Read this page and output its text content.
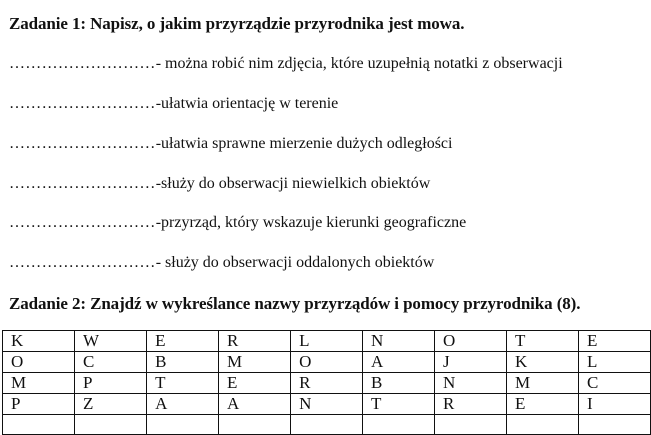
Zadanie 1: Napisz, o jakim przyrządzie przyrodnika jest mowa.
………………………- można robić nim zdjęcia, które uzupełnią notatki z obserwacji
………………………-ułatwia orientację w terenie
………………………-ułatwia sprawne mierzenie dużych odległości
………………………-służy do obserwacji niewielkich obiektów
………………………-przyrząd, który wskazuje kierunki geograficzne
………………………- służy do obserwacji oddalonych obiektów
Zadanie 2: Znajdź w wykreślance nazwy przyrządów i pomocy przyrodnika (8).
K	W	E	R	L	N	O	T	E
O	C	B	M	O	A	J	K	L
M	P	T	E	R	B	N	M	C
P	Z	A	A	N	T	R	E	I
